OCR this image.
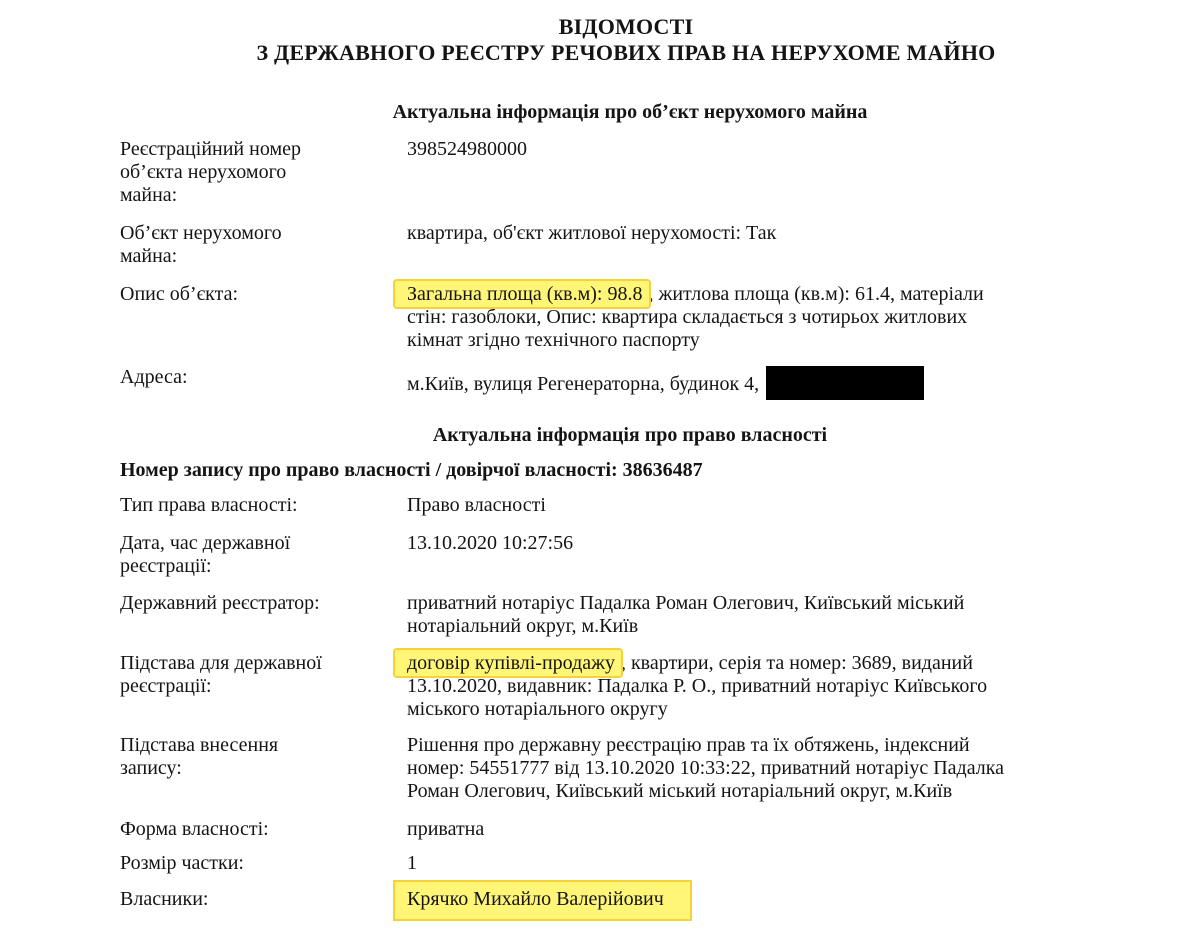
ВІДОМОСТІ
З ДЕРЖАВНОГО РЕЄСТРУ РЕЧОВИХ ПРАВ НА НЕРУХОМЕ МАЙНО
Актуальна інформація про об’єкт нерухомого майна
Реєстраційний номер
об’єкта нерухомого
майна:
398524980000
Об’єкт нерухомого
майна:
квартира, об'єкт житлової нерухомості: Так
Опис об’єкта:	Загальна площа (кв.м): 98.8 , житлова площа (кв.м): 61.4, матеріали
стін: газоблоки, Опис: квартира складається з чотирьох житлових
кімнат згідно технічного паспорту
Адреса:	м.Київ, вулиця Регенераторна, будинок 4,
Актуальна інформація про право власності
Номер запису про право власності / довірчої власності: 38636487
Тип права власності:	Право власності
Дата, час державної
реєстрації:
13.10.2020 10:27:56
Державний реєстратор:	приватний нотаріус Падалка Роман Олегович, Київський міський
нотаріальний округ, м.Київ
Підстава для державної
реєстрації:
договір купівлі-продажу , квартири, серія та номер: 3689, виданий
13.10.2020, видавник: Падалка Р. О., приватний нотаріус Київського
міського нотаріального округу
Підстава внесення
запису:
Рішення про державну реєстрацію прав та їх обтяжень, індексний
номер: 54551777 від 13.10.2020 10:33:22, приватний нотаріус Падалка
Роман Олегович, Київський міський нотаріальний округ, м.Київ
Форма власності:	приватна
Розмір частки:	1
Власники:	Крячко Михайло Валерійович
